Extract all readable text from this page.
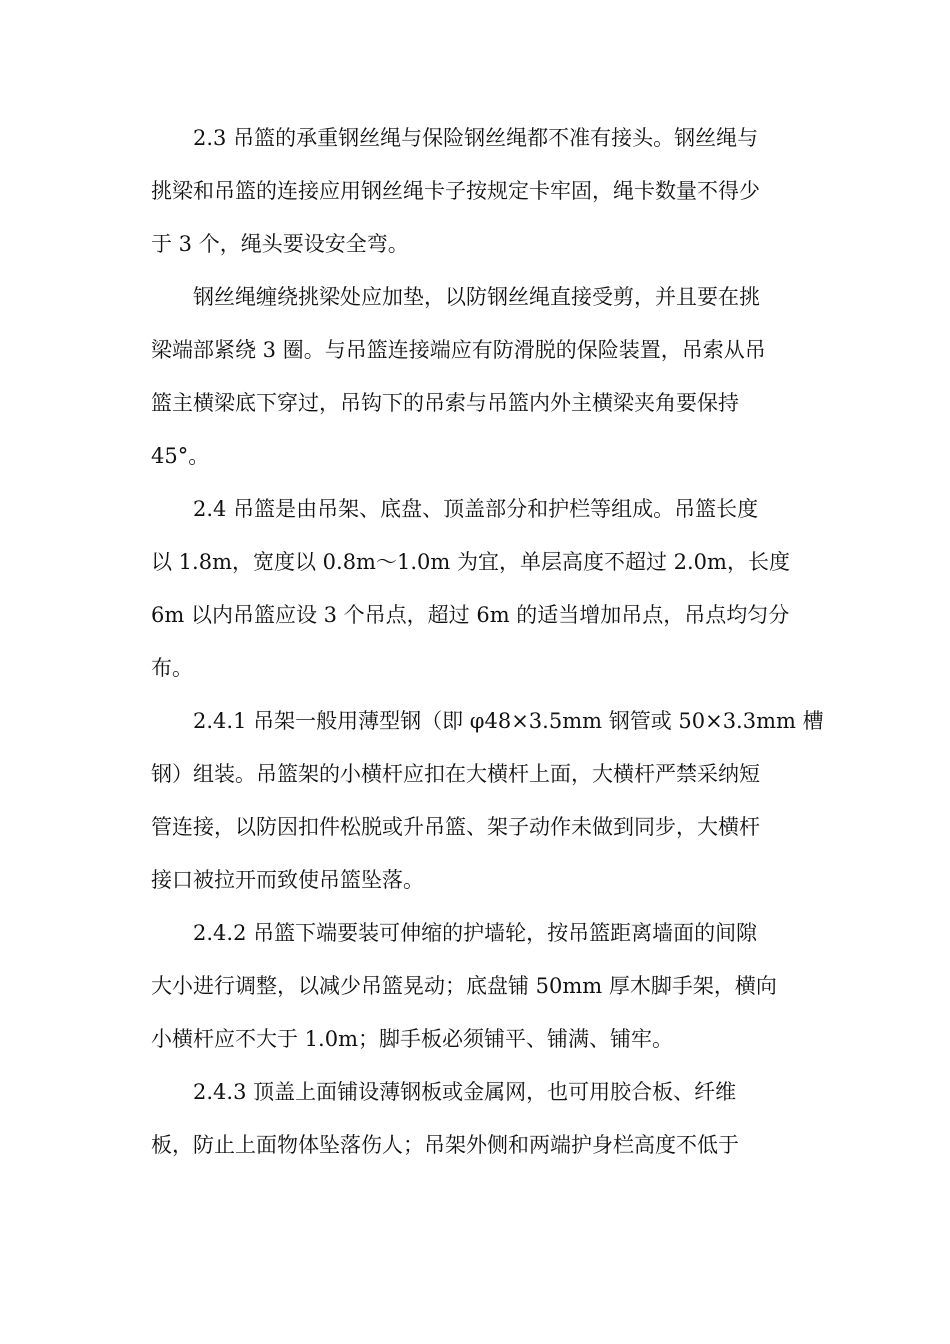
2.3 吊篮的承重钢丝绳与保险钢丝绳都不准有接头。钢丝绳与
挑梁和吊篮的连接应用钢丝绳卡子按规定卡牢固，绳卡数量不得少
于 3 个，绳头要设安全弯。
钢丝绳缠绕挑梁处应加垫，以防钢丝绳直接受剪，并且要在挑
梁端部紧绕 3 圈。与吊篮连接端应有防滑脱的保险装置，吊索从吊
篮主横梁底下穿过，吊钩下的吊索与吊篮内外主横梁夹角要保持
45°。
2.4 吊篮是由吊架、底盘、顶盖部分和护栏等组成。吊篮长度
以 1.8m，宽度以 0.8m～1.0m 为宜，单层高度不超过 2.0m，长度
6m 以内吊篮应设 3 个吊点，超过 6m 的适当增加吊点，吊点均匀分
布。
2.4.1 吊架一般用薄型钢（即 φ48×3.5mm 钢管或 50×3.3mm 槽
钢）组装。吊篮架的小横杆应扣在大横杆上面，大横杆严禁采纳短
管连接，以防因扣件松脱或升吊篮、架子动作未做到同步，大横杆
接口被拉开而致使吊篮坠落。
2.4.2 吊篮下端要装可伸缩的护墙轮，按吊篮距离墙面的间隙
大小进行调整，以减少吊篮晃动；底盘铺 50mm 厚木脚手架，横向
小横杆应不大于 1.0m；脚手板必须铺平、铺满、铺牢。
2.4.3 顶盖上面铺设薄钢板或金属网，也可用胶合板、纤维
板，防止上面物体坠落伤人；吊架外侧和两端护身栏高度不低于
